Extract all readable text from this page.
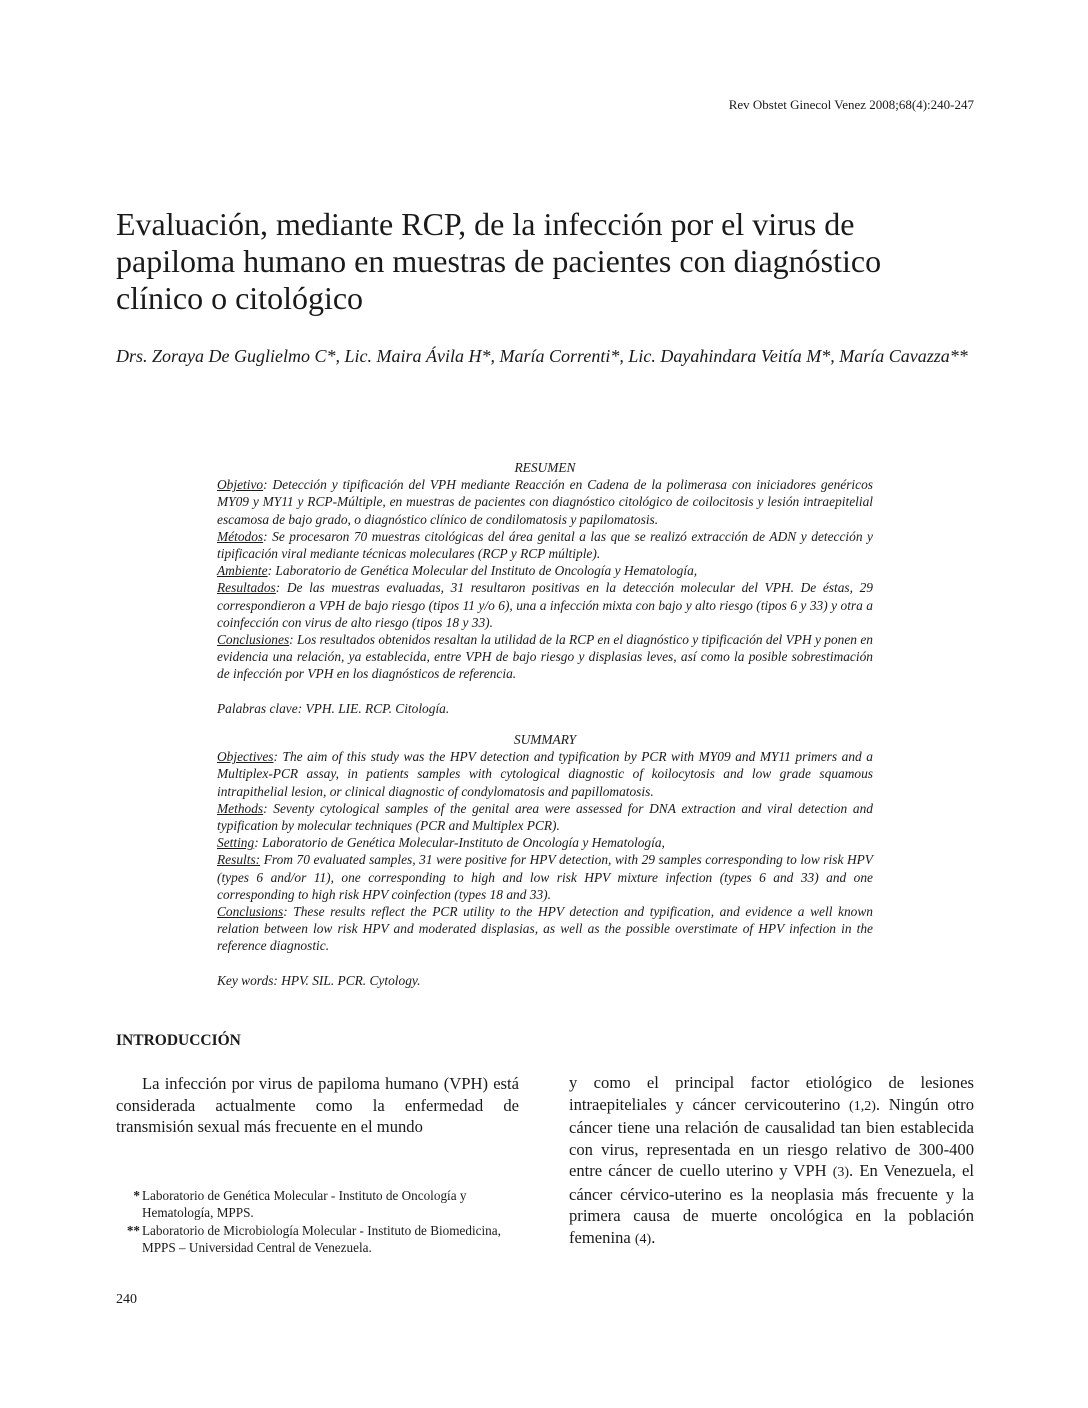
Rev Obstet Ginecol Venez 2008;68(4):240-247
Evaluación, mediante RCP, de la infección por el virus de papiloma humano en muestras de pacientes con diagnóstico clínico o citológico
Drs. Zoraya De Guglielmo C*, Lic. Maira Ávila H*, María Correnti*, Lic. Dayahindara Veitía M*, María Cavazza**
RESUMEN

Objetivo: Detección y tipificación del VPH mediante Reacción en Cadena de la polimerasa con iniciadores genéricos MY09 y MY11 y RCP-Múltiple, en muestras de pacientes con diagnóstico citológico de coilocitosis y lesión intraepitelial escamosa de bajo grado, o diagnóstico clínico de condilomatosis y papilomatosis.

Métodos: Se procesaron 70 muestras citológicas del área genital a las que se realizó extracción de ADN y detección y tipificación viral mediante técnicas moleculares (RCP y RCP múltiple).

Ambiente: Laboratorio de Genética Molecular del Instituto de Oncología y Hematología,

Resultados: De las muestras evaluadas, 31 resultaron positivas en la detección molecular del VPH. De éstas, 29 correspondieron a VPH de bajo riesgo (tipos 11 y/o 6), una a infección mixta con bajo y alto riesgo (tipos 6 y 33) y otra a coinfección con virus de alto riesgo (tipos 18 y 33).

Conclusiones: Los resultados obtenidos resaltan la utilidad de la RCP en el diagnóstico y tipificación del VPH y ponen en evidencia una relación, ya establecida, entre VPH de bajo riesgo y displasias leves, así como la posible sobrestimación de infección por VPH en los diagnósticos de referencia.

Palabras clave: VPH. LIE. RCP. Citología.

SUMMARY

Objectives: The aim of this study was the HPV detection and typification by PCR with MY09 and MY11 primers and a Multiplex-PCR assay, in patients samples with cytological diagnostic of koilocytosis and low grade squamous intrapithelial lesion, or clinical diagnostic of condylomatosis and papillomatosis.

Methods: Seventy cytological samples of the genital area were assessed for DNA extraction and viral detection and typification by molecular techniques (PCR and Multiplex PCR).

Setting: Laboratorio de Genética Molecular-Instituto de Oncología y Hematología,

Results: From 70 evaluated samples, 31 were positive for HPV detection, with 29 samples corresponding to low risk HPV (types 6 and/or 11), one corresponding to high and low risk HPV mixture infection (types 6 and 33) and one corresponding to high risk HPV coinfection (types 18 and 33).

Conclusions: These results reflect the PCR utility to the HPV detection and typification, and evidence a well known relation between low risk HPV and moderated displasias, as well as the possible overstimate of HPV infection in the reference diagnostic.

Key words: HPV. SIL. PCR. Cytology.

INTRODUCCIÓN
La infección por virus de papiloma humano (VPH) está considerada actualmente como la enfermedad de transmisión sexual más frecuente en el mundo
y como el principal factor etiológico de lesiones intraepiteliales y cáncer cervicouterino (1,2). Ningún otro cáncer tiene una relación de causalidad tan bien establecida con virus, representada en un riesgo relativo de 300-400 entre cáncer de cuello uterino y VPH (3). En Venezuela, el cáncer cérvico-uterino es la neoplasia más frecuente y la primera causa de muerte oncológica en la población femenina (4).
* Laboratorio de Genética Molecular - Instituto de Oncología y Hematología, MPPS.
** Laboratorio de Microbiología Molecular - Instituto de Biomedicina, MPPS – Universidad Central de Venezuela.
240
